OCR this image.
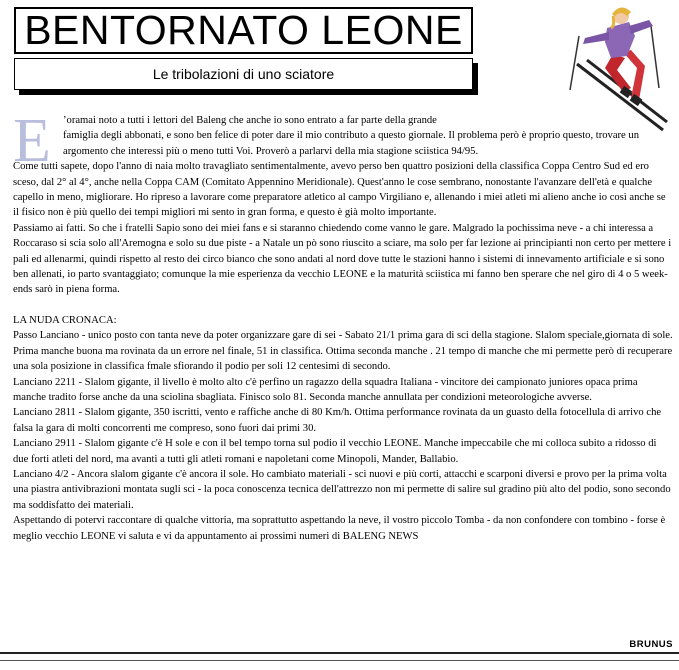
BENTORNATO LEONE
Le tribolazioni di uno sciatore
E	’oramai noto a tutti i lettori del Baleng che anche io sono entrato a far parte della grande

famiglia degli abbonati, e sono ben felice di poter dare il mio contributo a questo giornale. Il problema però è proprio questo, trovare un argomento che interessi più o meno tutti Voi. Proverò a parlarvi della mia stagione sciistica 94/95.

Come tutti sapete, dopo l'anno di naia molto travagliato sentimentalmente, avevo perso ben quattro posizioni della classifica Coppa Centro Sud ed ero sceso, dal 2° al 4°, anche nella Coppa CAM (Comitato Appennino Meridionale). Quest'anno le cose sembrano, nonostante l'avanzare dell'età e qualche capello in meno, migliorare. Ho ripreso a lavorare come preparatore atletico al campo Virgiliano e, allenando i miei atleti mi alieno anche io così anche se il fisico non è più quello dei tempi migliori mi sento in gran forma, e questo è già molto importante.

Passiamo ai fatti. So che i fratelli Sapio sono dei miei fans e si staranno chiedendo come vanno le gare. Malgrado la pochissima neve - a chi interessa a Roccaraso si scia solo all'Aremogna e solo su due piste - a Natale un pò sono riuscito a sciare, ma solo per far lezione ai principianti non certo per mettere i pali ed allenarmi, quindi rispetto al resto dei circo bianco che sono andati al nord dove tutte le stazioni hanno i sistemi di innevamento artificiale e si sono ben allenati, io parto svantaggiato; comunque la mie esperienza da vecchio LEONE e la maturità sciistica mi fanno ben sperare che nel giro di 4 o 5 week-ends sarò in piena forma.

LA NUDA CRONACA:

Passo Lanciano - unico posto con tanta neve da poter organizzare gare di sei - Sabato 21/1 prima gara di sci della stagione. Slalom speciale,giornata di sole. Prima manche buona ma rovinata da un errore nel finale, 51 in classifica. Ottima seconda manche . 21 tempo di manche che mi permette però di recuperare una sola posizione in classifica fmale sfiorando il podio per soli 12 centesimi di secondo.

Lanciano 2211 - Slalom gigante, il livello è molto alto c'è perfino un ragazzo della squadra Italiana - vincitore dei campionato juniores opaca prima manche tradito forse anche da una sciolina sbagliata. Finisco solo 81. Seconda manche annullata per condizioni meteorologiche avverse.

Lanciano 2811 - Slalom gigante, 350 iscritti, vento e raffiche anche di 80 Km/h. Ottima performance rovinata da un guasto della fotocellula di arrivo che falsa la gara di molti concorrenti me compreso, sono fuori dai primi 30.

Lanciano 2911 - Slalom gigante c'è H sole e con il bel tempo torna sul podio il vecchio LEONE. Manche impeccabile che mi colloca subito a ridosso di due forti atleti del nord, ma avanti a tutti gli atleti romani e napoletani come Minopoli, Mander, Ballabio.

Lanciano 4/2 - Ancora slalom gigante c'è ancora il sole. Ho cambiato materiali - sci nuovi e più corti, attacchi e scarponi diversi e provo per la prima volta una piastra antivibrazioni montata sugli sci - la poca conoscenza tecnica dell'attrezzo non mi permette di salire sul gradino più alto del podio, sono secondo ma soddisfatto dei materiali.

Aspettando di potervi raccontare di qualche vittoria, ma soprattutto aspettando la neve, il vostro piccolo Tomba - da non confondere con tombino - forse è meglio vecchio LEONE vi saluta e vi da appuntamento ai prossimi numeri di BALENG NEWS

BRUNUS
